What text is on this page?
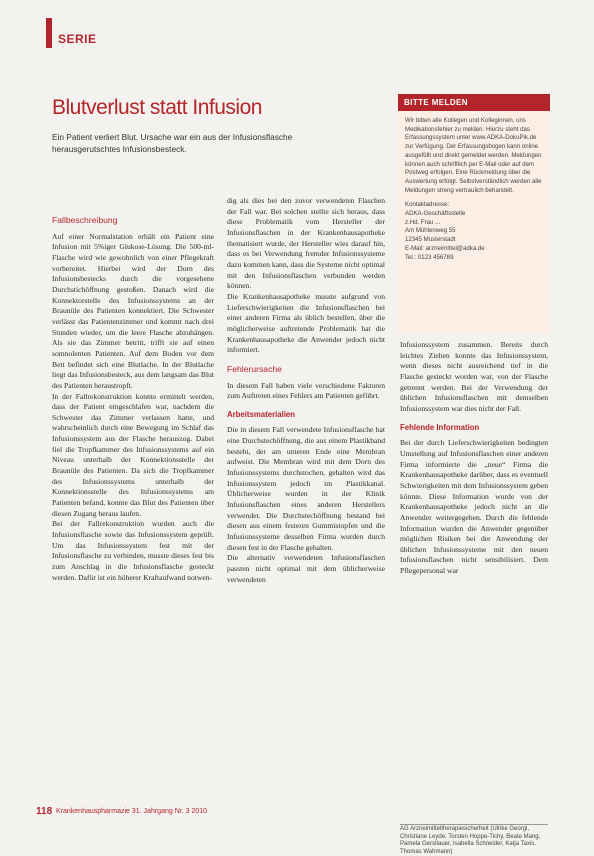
SERIE
Blutverlust statt Infusion
Ein Patient verliert Blut. Ursache war ein aus der Infusionsflasche herausgerutschtes Infusionsbesteck.
BITTE MELDEN

Wir bitten alle Kollegen und Kolleginnen, uns Medikationsfehler zu melden. Hierzu steht das Erfassungssystem unter www.ADKA-DokuPik.de zur Verfügung. Der Erfassungsbogen kann online ausgefüllt und direkt gemeldet werden. Meldungen können auch schriftlich per E-Mail oder auf dem Postweg erfolgen. Eine Rückmeldung über die Auswertung erfolgt. Selbstverständlich werden alle Meldungen streng vertraulich behandelt.

Kontaktadresse:
ADKA-Geschäftsstelle
z.Hd. Frau ...
Am Mühlenweg 55
12345 Musterstadt
E-Mail: arzneimittel@adka.de
Tel.: 0123 456789
Fallbeschreibung

Auf einer Normalstation erhält ein Patient eine Infusion mit 5%iger Glukose-Lösung. Die 500-ml-Flasche wird wie gewohnlich von einer Pflegekraft vorbereitet. Hierbei wird der Dorn des Infusionsbestecks durch die vorgesehene Durchstichöffnung gestoßen. Danach wird die Konnektorstelle des Infusionssystems an der Braunüle des Patienten konnektiert. Die Schwester verlässt das Patientenzimmer und kommt nach drei Stunden wieder, um die leere Flasche abzuhängen. Als sie das Zimmer betritt, trifft sie auf einen somnolenten Patienten. Auf dem Boden vor dem Bett befindet sich eine Blutlache. In der Blutlache liegt das Infusionsbesteck, aus dem langsam das Blut des Patienten heraustropft.

In der Fallrekonstruktion konnte ermittelt werden, dass der Patient eingeschlafen war, nachdem die Schwester das Zimmer verlassen hatte, und wahrscheinlich durch eine Bewegung im Schlaf das Infusionssystem aus der Flasche herauszog. Dabei fiel die Tropfkammer des Infusionssystems auf ein Niveau unterhalb der Konnektionsstelle der Braunüle des Patienten. Da sich die Tropfkammer des Infusionssystems unterhalb der Konnektionsstelle des Infusionssystems am Patienten befand, konnte das Blut des Patienten über diesen Zugang heraus laufen.

Bei der Fallrekonstruktion wurden auch die Infusionsflasche sowie das Infusionssystem geprüft. Um das Infusionssystem fest mit der Infusionsflasche zu verbinden, musste dieses fest bis zum Anschlag in die Infusionsflasche gesteckt werden. Dafür ist ein höherer Kraftaufwand notwen-

dig als dies bei den zuvor verwendeten Flaschen der Fall war. Bei solchen stellte sich heraus, dass diese Problematik vom Hersteller der Infusionsflaschen in der Krankenhausapotheke thematisiert wurde, der Hersteller wies darauf hin, dass es bei Verwendung fremder Infusionssysteme dazu kommen kann, dass die Systeme nicht optimal mit den Infusionsflaschen verbunden werden können.

Die Krankenhausapotheke musste aufgrund von Lieferschwierigkeiten die Infusionsflaschen bei einer anderen Firma als üblich bestellen, über die möglicherweise auftretende Problematik hat die Krankenhausapotheke die Anwender jedoch nicht informiert.

Fehlerursache

In diesem Fall haben viele verschiedene Faktoren zum Auftreten eines Fehlers am Patienten geführt.

Arbeitsmaterialien

Die in diesem Fall verwendete Infusionsflasche hat eine Durchstechöffnung, die aus einem Plastikband besteht, der am unteren Ende eine Membran aufweist. Die Membran wird mit dem Dorn des Infusionssystems durchstochen, gehalten wird das Infusionssystem jedoch im Plastikkanal. Üblicherweise wurden in der Klinik Infusionsflaschen eines anderen Herstellers verwendet. Die Durchstechöffnung bestand bei diesen aus einem festeren Gummistopfen und die Infusionssysteme desselben Firma wurden durch diesen fest in der Flasche gehalten.

Die alternativ verwendeten Infusionsflaschen passten nicht optimal mit dem üblicherweise verwendeten

Infusionssystem zusammen. Bereits durch leichtes Ziehen konnte das Infusionssystem, wenn dieses nicht ausreichend tief in die Flasche gesteckt worden war, von der Flasche getrennt werden. Bei der Verwendung der üblichen Infusionsflaschen mit demselben Infusionssystem war dies nicht der Fall.

Fehlende Information

Bei der durch Lieferschwierigkeiten bedingten Umstellung auf Infusionsflaschen einer anderen Firma informierte die „neue“ Firma die Krankenhausapotheke darüber, dass es eventuell Schwierigkeiten mit dem Infusionssystem geben könnte. Diese Information wurde von der Krankenhausapotheke jedoch nicht an die Anwender weitergegeben. Durch die fehlende Information wurden die Anwender gegenüber möglichen Risiken bei der Anwendung der üblichen Infusionssysteme mit den neuen Infusionsflaschen nicht sensibilisiert. Dem Pflegepersonal war

AG Arzneimitteltherapiesicherheit (Ulrike Georgi, Christiane Leyde, Torsten Hoppe-Tichy, Beate Mang, Pamela Gerstlauer, Isabella Schneider, Katja Taxis, Thomas Wahmann)
118 Krankenhauspharmazie 31. Jahrgang Nr. 3 2010
